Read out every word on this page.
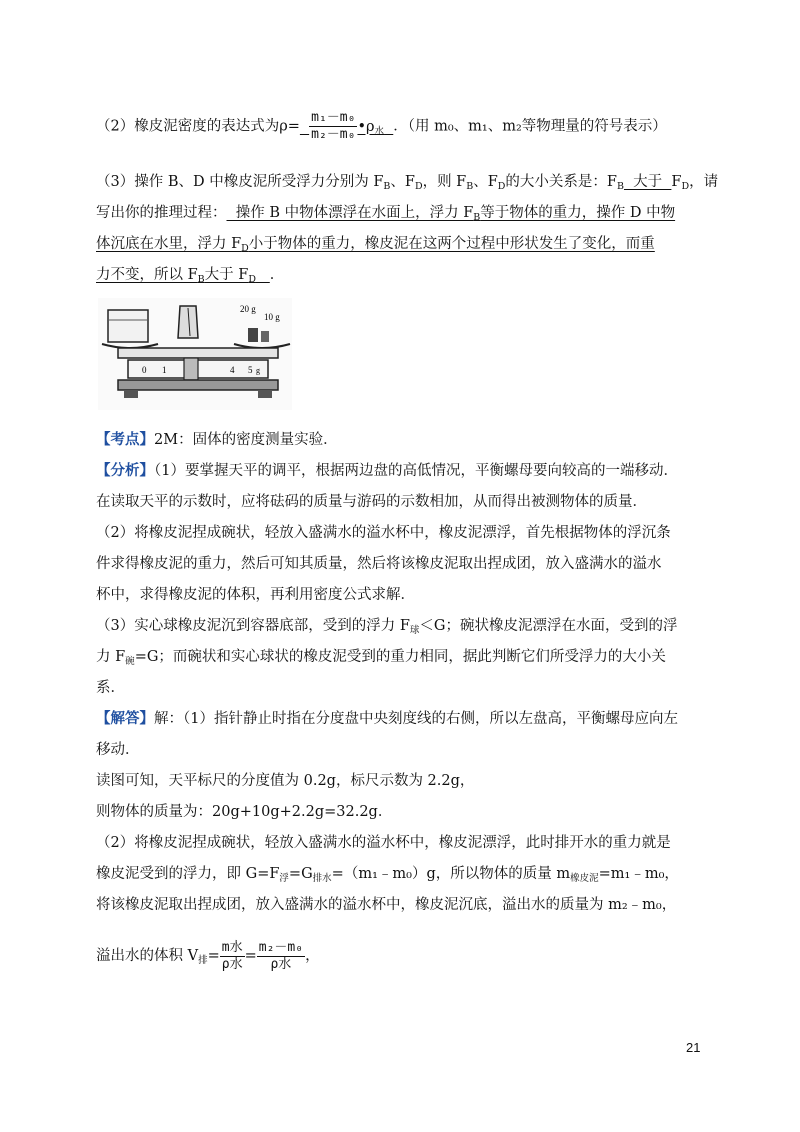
（2）橡皮泥密度的表达式为$\rho= \frac{\text{m₁－m₀}}{\text{m₂－m₀}}$ $•\rho_水$ ．（用 m₀、m₁、m₂等物理量的符号表示）
（3）操作 B、D 中橡皮泥所受浮力分别为 $F_B$、$F_D$，则 $F_B$、$F_D$的大小关系是：$F_B$  大于  $F_D$，请
写出你的推理过程：  操作 B 中物体漂浮在水面上，浮力 $F_B$等于物体的重力，操作 D 中物
体沉底在水里，浮力 $F_D$小于物体的重力，橡皮泥在这两个过程中形状发生了变化，而重
力不变，所以 $F_B$大于 $F_D$ ．
20 g
10 g
0 1	4 5 g
【考点】2M：固体的密度测量实验．
【分析】（1）要掌握天平的调平，根据两边盘的高低情况，平衡螺母要向较高的一端移动．
在读取天平的示数时，应将砝码的质量与游码的示数相加，从而得出被测物体的质量．
（2）将橡皮泥捏成碗状，轻放入盛满水的溢水杯中，橡皮泥漂浮，首先根据物体的浮沉条
件求得橡皮泥的重力，然后可知其质量，然后将该橡皮泥取出捏成团，放入盛满水的溢水
杯中，求得橡皮泥的体积，再利用密度公式求解．
（3）实心球橡皮泥沉到容器底部，受到的浮力 $F_球<G$；碗状橡皮泥漂浮在水面，受到的浮
力 $F_碗=G$；而碗状和实心球状的橡皮泥受到的重力相同，据此判断它们所受浮力的大小关
系．
【解答】解：（1）指针静止时指在分度盘中央刻度线的右侧，所以左盘高，平衡螺母应向左
移动．
读图可知，天平标尺的分度值为 0.2g，标尺示数为 2.2g，
则物体的质量为：20g+10g+2.2g=32.2g．
（2）将橡皮泥捏成碗状，轻放入盛满水的溢水杯中，橡皮泥漂浮，此时排开水的重力就是
橡皮泥受到的浮力，即 $G=F_浮=G_{排水}=(m_1﹣m_0)g$，所以物体的质量 $m_{橡皮泥}=m_1﹣m_0$，
将该橡皮泥取出捏成团，放入盛满水的溢水杯中，橡皮泥沉底，溢出水的质量为 m₂﹣m₀，
溢出水的体积 $V_排= \frac{\text{m水}}{\text{ρ水}} = \frac{\text{m₂－m₀}}{\text{ρ水}}$ ，
21
